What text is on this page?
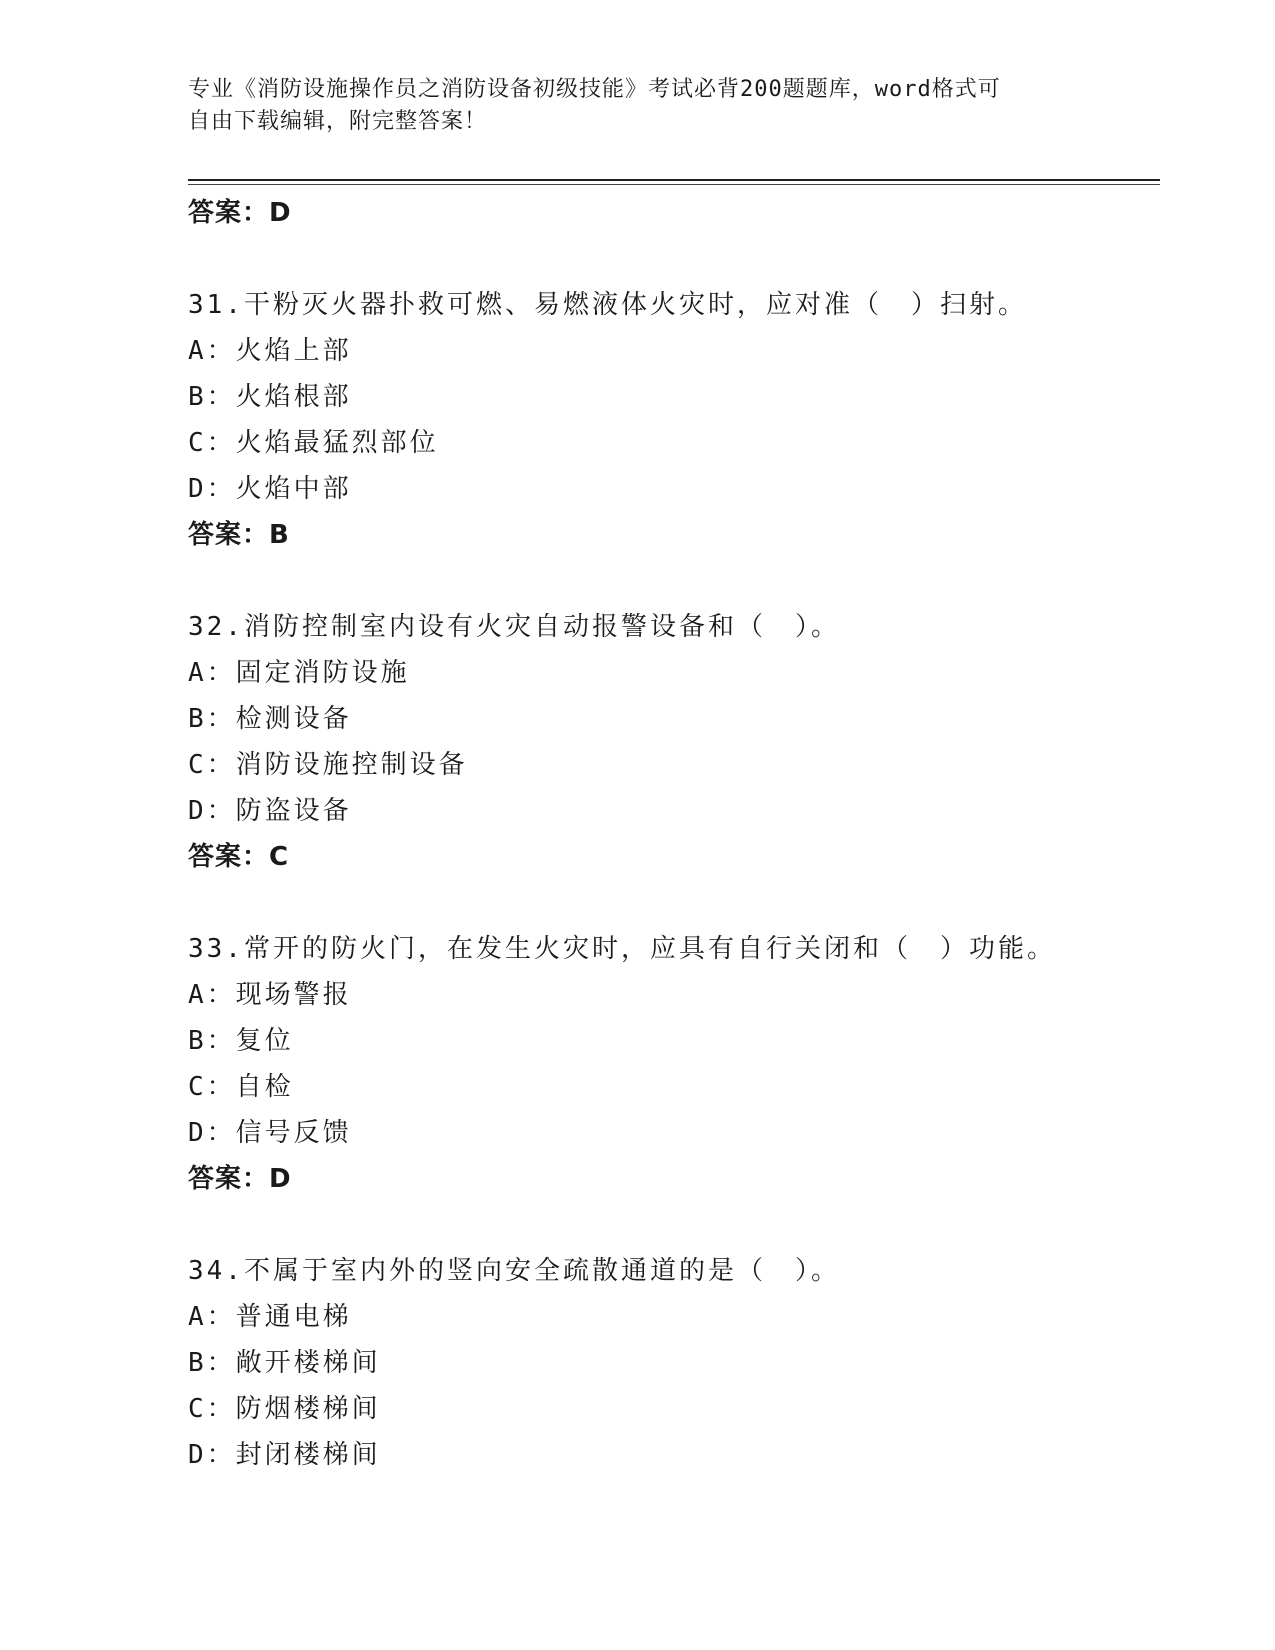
专业《消防设施操作员之消防设备初级技能》考试必背200题题库，word格式可
自由下载编辑，附完整答案！
答案：D
31.干粉灭火器扑救可燃、易燃液体火灾时，应对准（　）扫射。
A：火焰上部
B：火焰根部
C：火焰最猛烈部位
D：火焰中部
答案：B
32.消防控制室内设有火灾自动报警设备和（　）。
A：固定消防设施
B：检测设备
C：消防设施控制设备
D：防盗设备
答案：C
33.常开的防火门，在发生火灾时，应具有自行关闭和（　）功能。
A：现场警报
B：复位
C：自检
D：信号反馈
答案：D
34.不属于室内外的竖向安全疏散通道的是（　）。
A：普通电梯
B：敞开楼梯间
C：防烟楼梯间
D：封闭楼梯间
